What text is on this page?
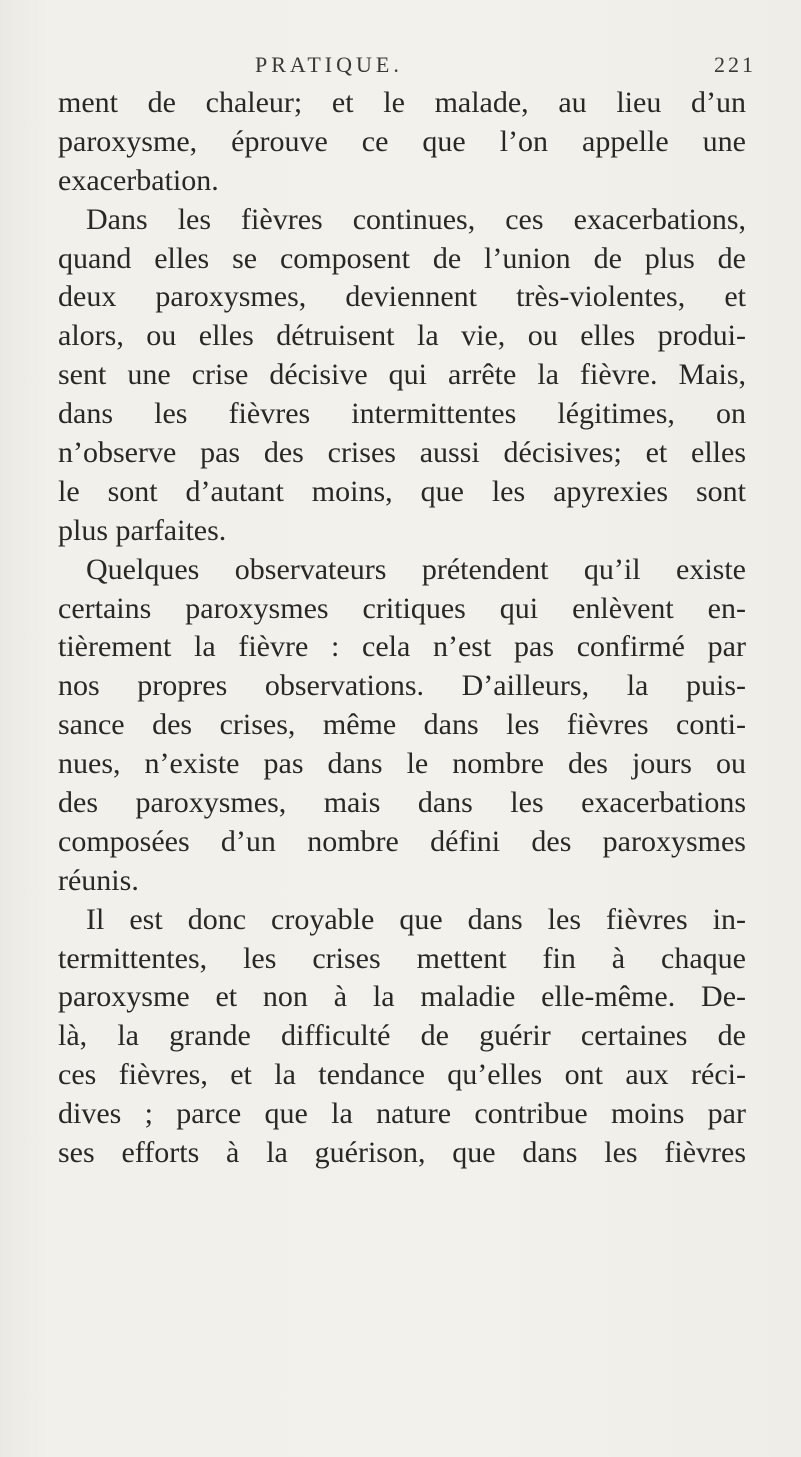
PRATIQUE.	221
ment de chaleur; et le malade, au lieu d’un
paroxysme, éprouve ce que l’on appelle une
exacerbation.
Dans les fièvres continues, ces exacerbations,
quand elles se composent de l’union de plus de
deux paroxysmes, deviennent très-violentes, et
alors, ou elles détruisent la vie, ou elles produi-
sent une crise décisive qui arrête la fièvre. Mais,
dans les fièvres intermittentes légitimes, on
n’observe pas des crises aussi décisives; et elles
le sont d’autant moins, que les apyrexies sont
plus parfaites.
Quelques observateurs prétendent qu’il existe
certains paroxysmes critiques qui enlèvent en-
tièrement la fièvre : cela n’est pas confirmé par
nos propres observations. D’ailleurs, la puis-
sance des crises, même dans les fièvres conti-
nues, n’existe pas dans le nombre des jours ou
des paroxysmes, mais dans les exacerbations
composées d’un nombre défini des paroxysmes
réunis.
Il est donc croyable que dans les fièvres in-
termittentes, les crises mettent fin à chaque
paroxysme et non à la maladie elle-même. De-
là, la grande difficulté de guérir certaines de
ces fièvres, et la tendance qu’elles ont aux réci-
dives ; parce que la nature contribue moins par
ses efforts à la guérison, que dans les fièvres
